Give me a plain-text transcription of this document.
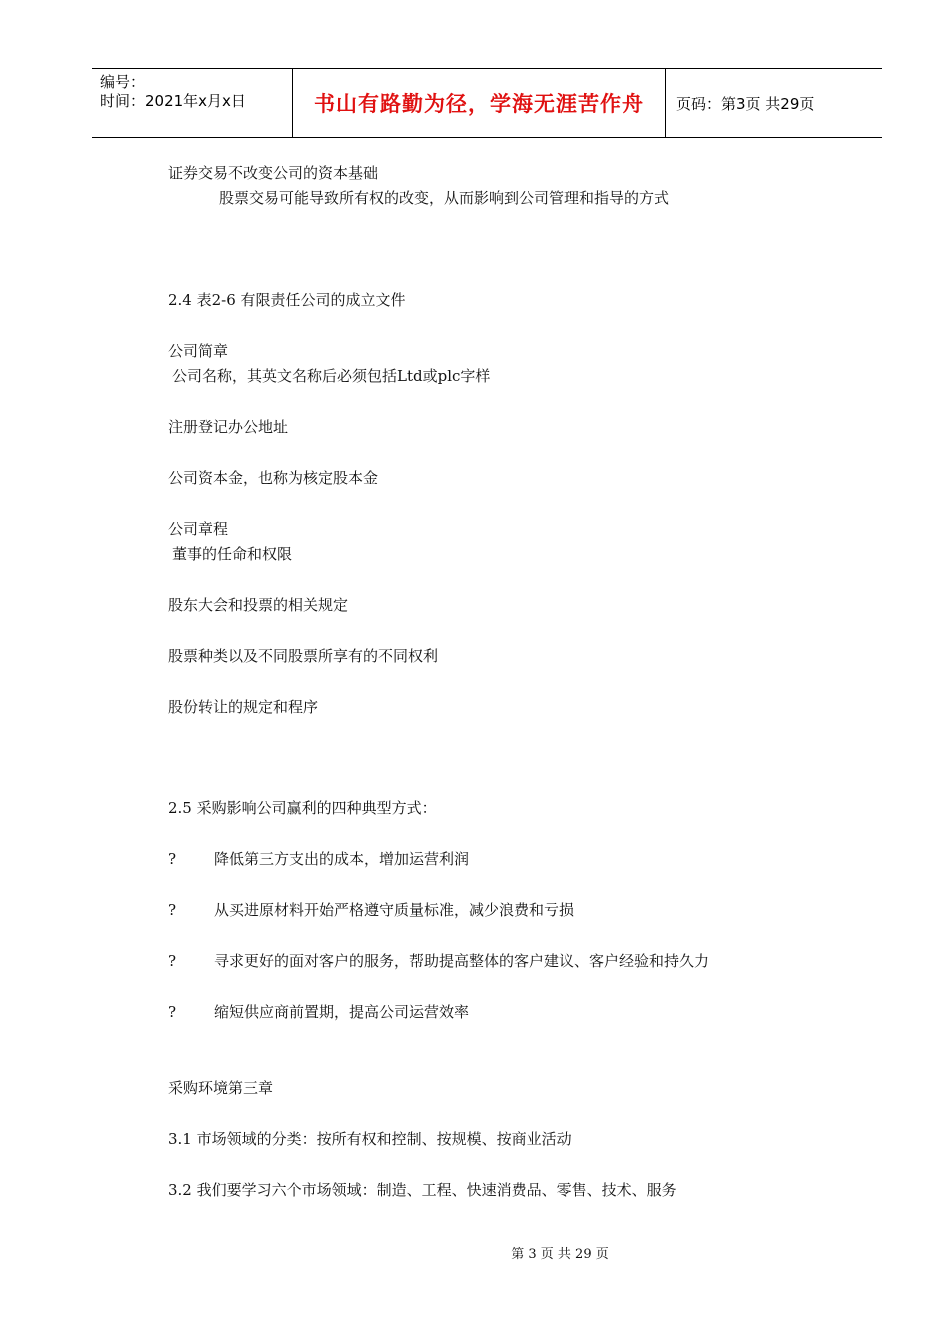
编号：
时间：2021年x月x日	书山有路勤为径，学海无涯苦作舟	页码：第3页 共29页
证券交易不改变公司的资本基础
股票交易可能导致所有权的改变，从而影响到公司管理和指导的方式
2.4 表2-6 有限责任公司的成立文件
公司简章
公司名称，其英文名称后必须包括Ltd或plc字样
注册登记办公地址
公司资本金，也称为核定股本金
公司章程
董事的任命和权限
股东大会和投票的相关规定
股票种类以及不同股票所享有的不同权利
股份转让的规定和程序
2.5 采购影响公司赢利的四种典型方式：
?	降低第三方支出的成本，增加运营利润
?	从买进原材料开始严格遵守质量标准，减少浪费和亏损
?	寻求更好的面对客户的服务，帮助提高整体的客户建议、客户经验和持久力
?	缩短供应商前置期，提高公司运营效率
采购环境第三章
3.1 市场领域的分类：按所有权和控制、按规模、按商业活动
3.2 我们要学习六个市场领域：制造、工程、快速消费品、零售、技术、服务
第 3 页 共 29 页
